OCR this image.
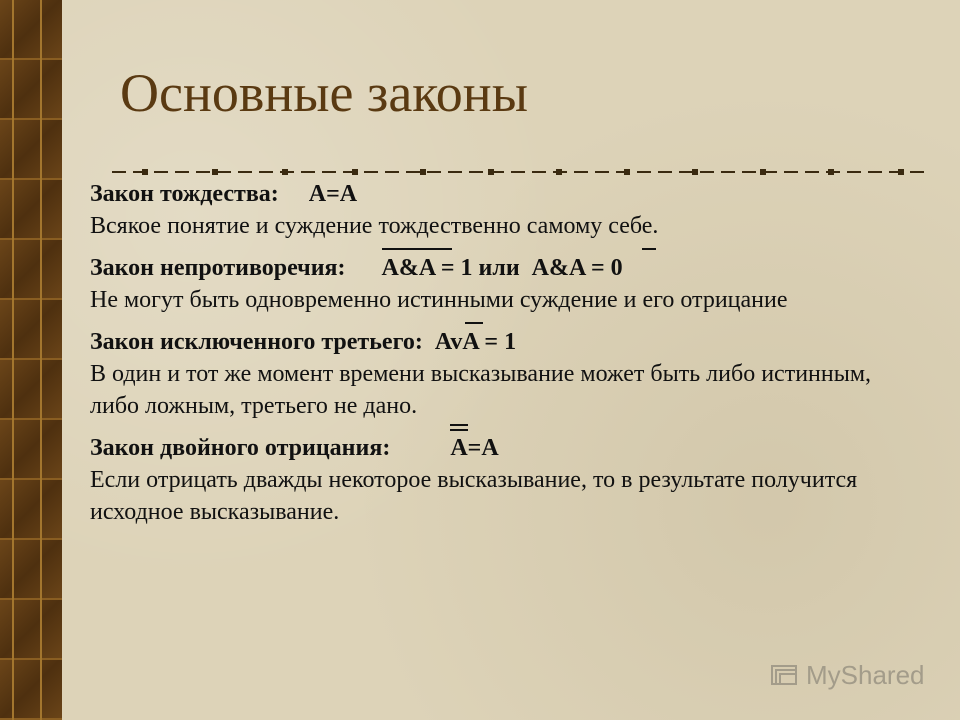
Основные законы
Закон тождества: A=A
Всякое понятие и суждение тождественно самому себе.
Закон непротиворечия: A&A = 1 или  A&A = 0
Не могут быть одновременно истинными суждение и его отрицание
Закон исключенного третьего: AvA = 1
В один и тот же момент времени высказывание может быть либо истинным, либо ложным, третьего не дано.
Закон двойного отрицания:	A=A
Если отрицать дважды некоторое высказывание, то в результате получится исходное высказывание.
MyShared
